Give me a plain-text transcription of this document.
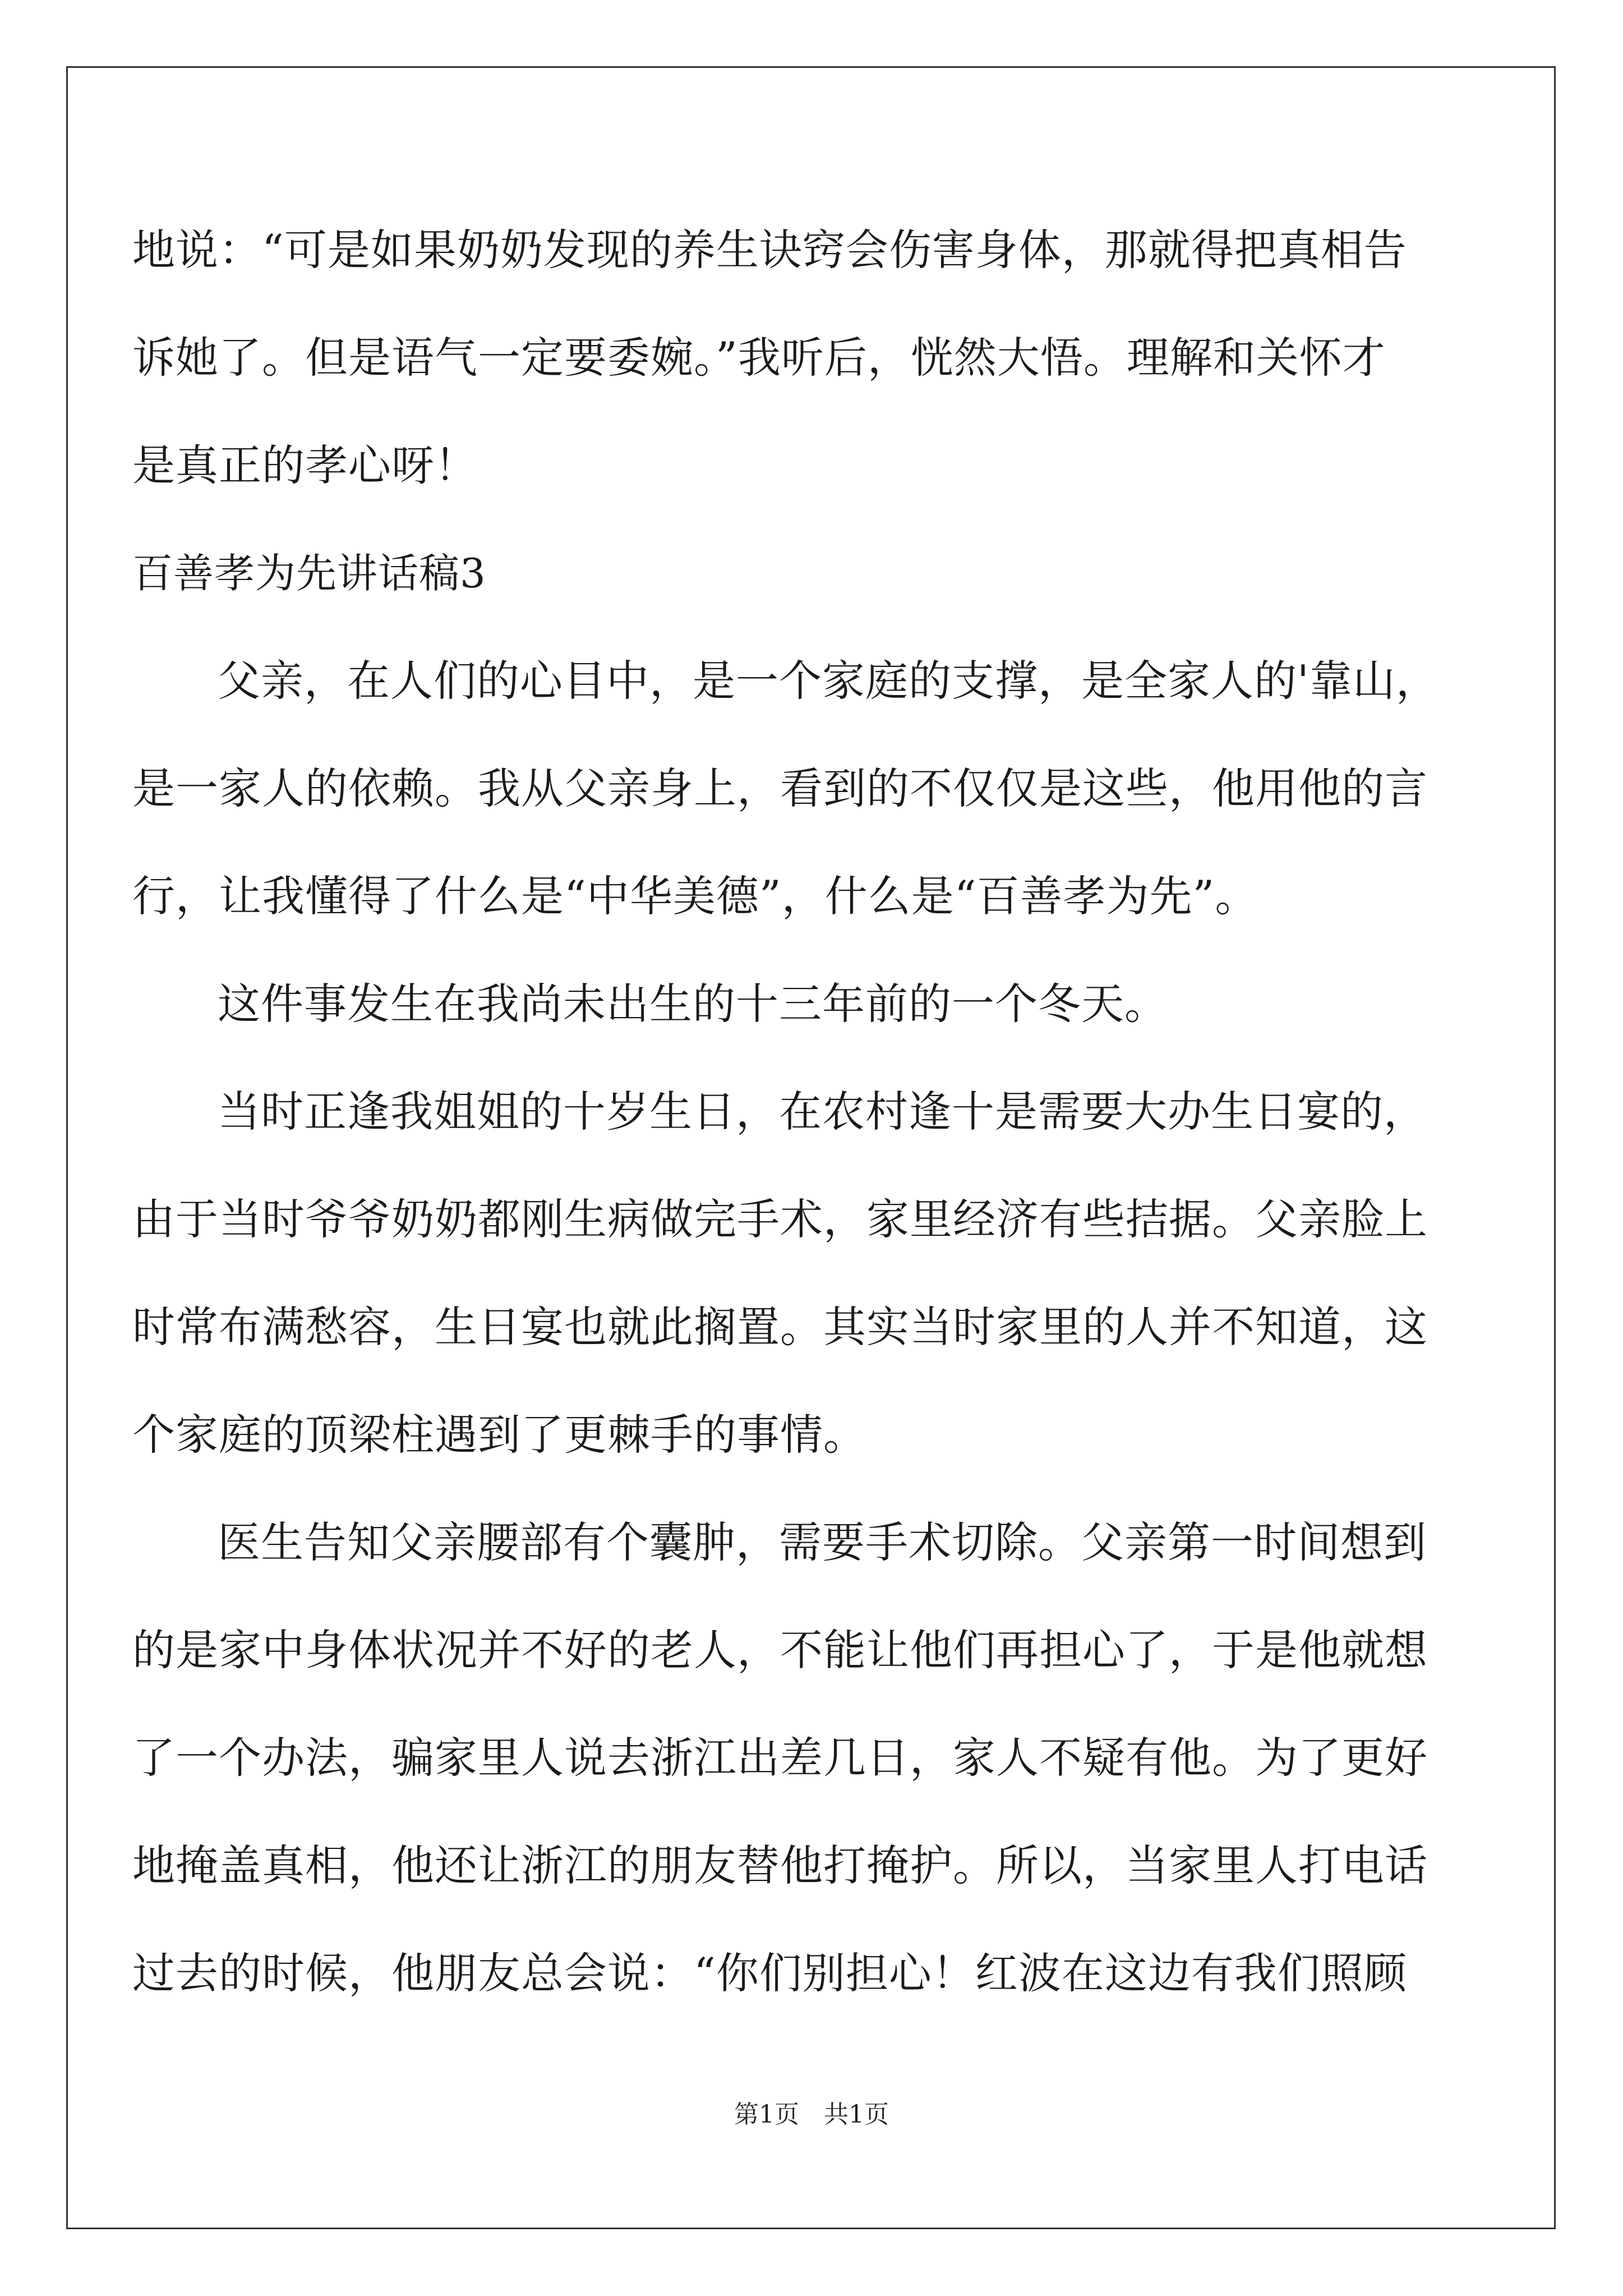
地说：“可是如果奶奶发现的养生诀窍会伤害身体，那就得把真相告
诉她了。但是语气一定要委婉。”我听后，恍然大悟。理解和关怀才
是真正的孝心呀！
百善孝为先讲话稿3
父亲，在人们的心目中，是一个家庭的支撑，是全家人的'靠山，
是一家人的依赖。我从父亲身上，看到的不仅仅是这些，他用他的言
行，让我懂得了什么是“中华美德”，什么是“百善孝为先”。
这件事发生在我尚未出生的十三年前的一个冬天。
当时正逢我姐姐的十岁生日，在农村逢十是需要大办生日宴的，
由于当时爷爷奶奶都刚生病做完手术，家里经济有些拮据。父亲脸上
时常布满愁容，生日宴也就此搁置。其实当时家里的人并不知道，这
个家庭的顶梁柱遇到了更棘手的事情。
医生告知父亲腰部有个囊肿，需要手术切除。父亲第一时间想到
的是家中身体状况并不好的老人，不能让他们再担心了，于是他就想
了一个办法，骗家里人说去浙江出差几日，家人不疑有他。为了更好
地掩盖真相，他还让浙江的朋友替他打掩护。所以，当家里人打电话
过去的时候，他朋友总会说：“你们别担心！红波在这边有我们照顾
第1页　共1页
